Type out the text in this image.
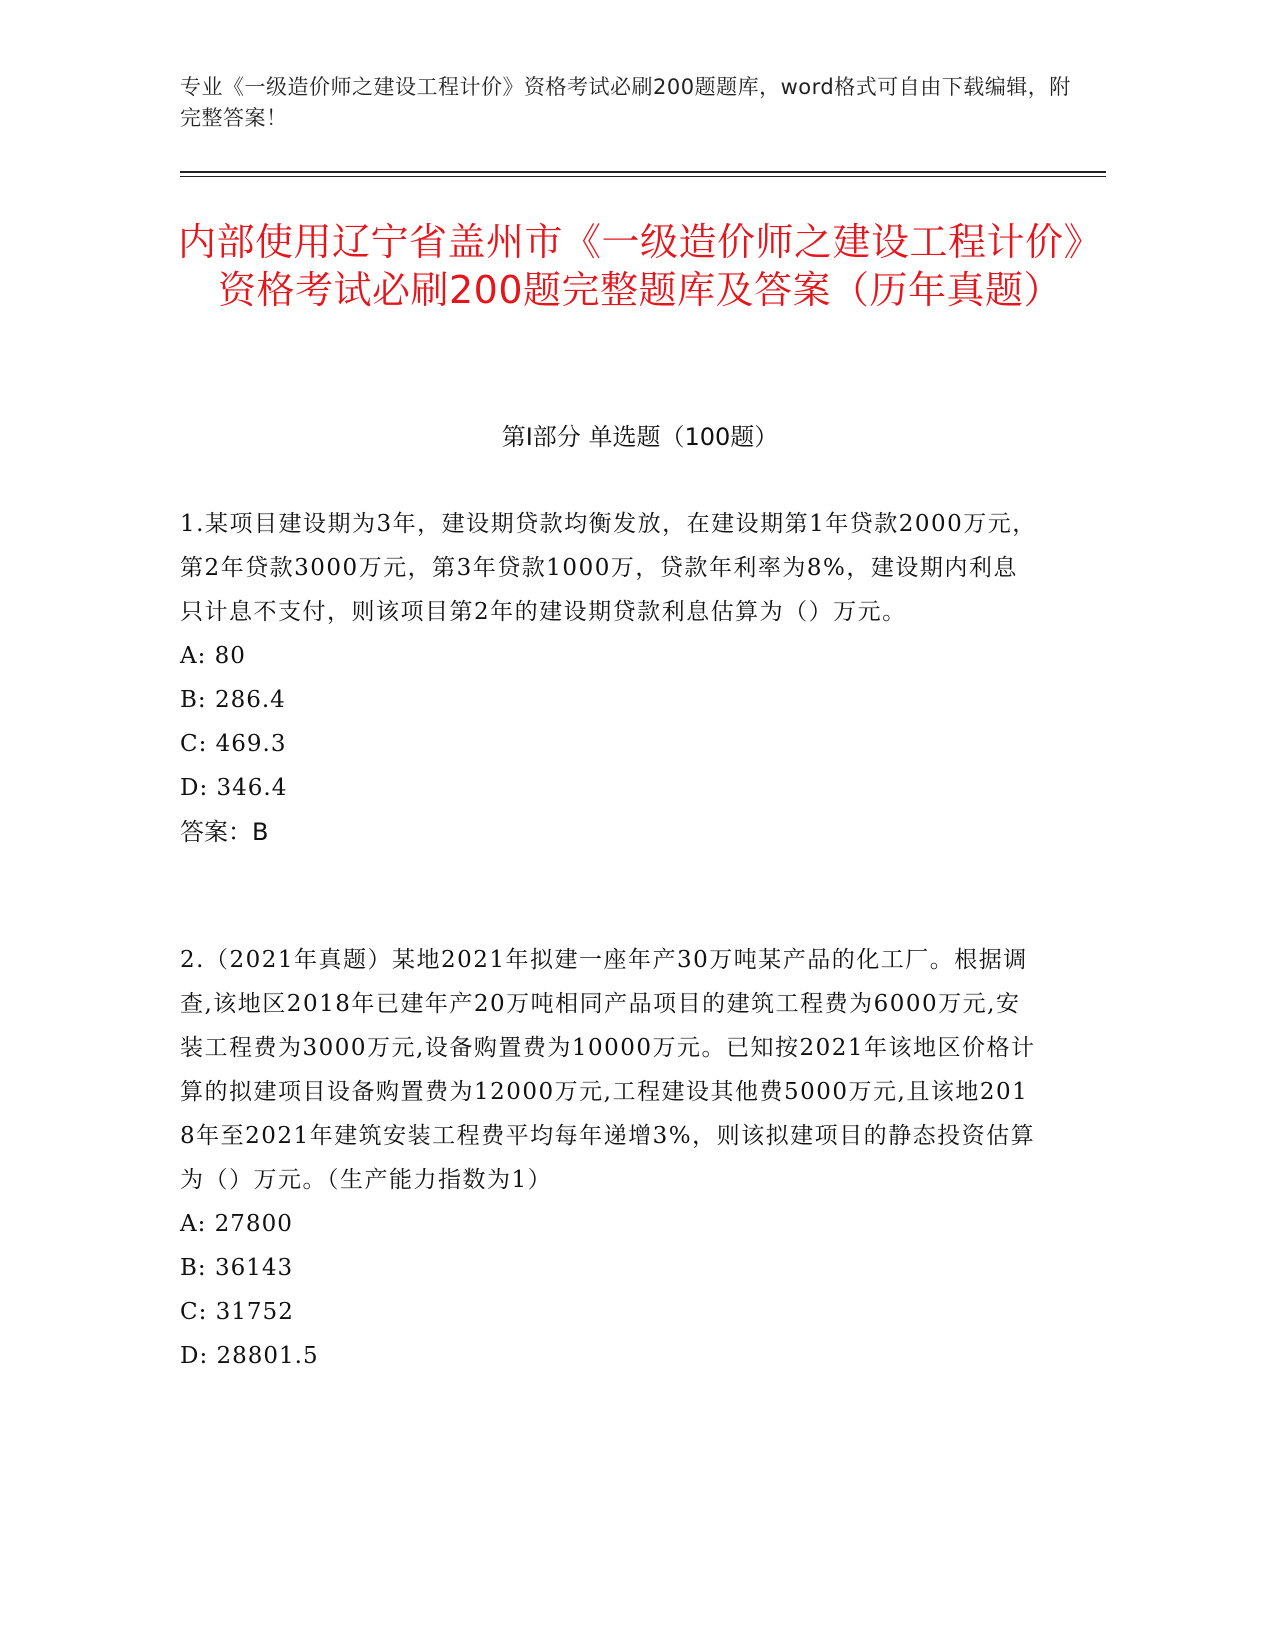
专业《一级造价师之建设工程计价》资格考试必刷200题题库，word格式可自由下载编辑，附完整答案！
内部使用辽宁省盖州市《一级造价师之建设工程计价》资格考试必刷200题完整题库及答案（历年真题）
第Ⅰ部分 单选题（100题）

1.某项目建设期为3年，建设期贷款均衡发放，在建设期第1年贷款2000万元，第2年贷款3000万元，第3年贷款1000万，贷款年利率为8%，建设期内利息只计息不支付，则该项目第2年的建设期贷款利息估算为（）万元。

A: 80

B: 286.4

C: 469.3

D: 346.4

答案：B

2.（2021年真题）某地2021年拟建一座年产30万吨某产品的化工厂。根据调查,该地区2018年已建年产20万吨相同产品项目的建筑工程费为6000万元,安装工程费为3000万元,设备购置费为10000万元。已知按2021年该地区价格计算的拟建项目设备购置费为12000万元,工程建设其他费5000万元,且该地2018年至2021年建筑安装工程费平均每年递增3%，则该拟建项目的静态投资估算为（）万元。（生产能力指数为1）

A: 27800

B: 36143

C: 31752

D: 28801.5
